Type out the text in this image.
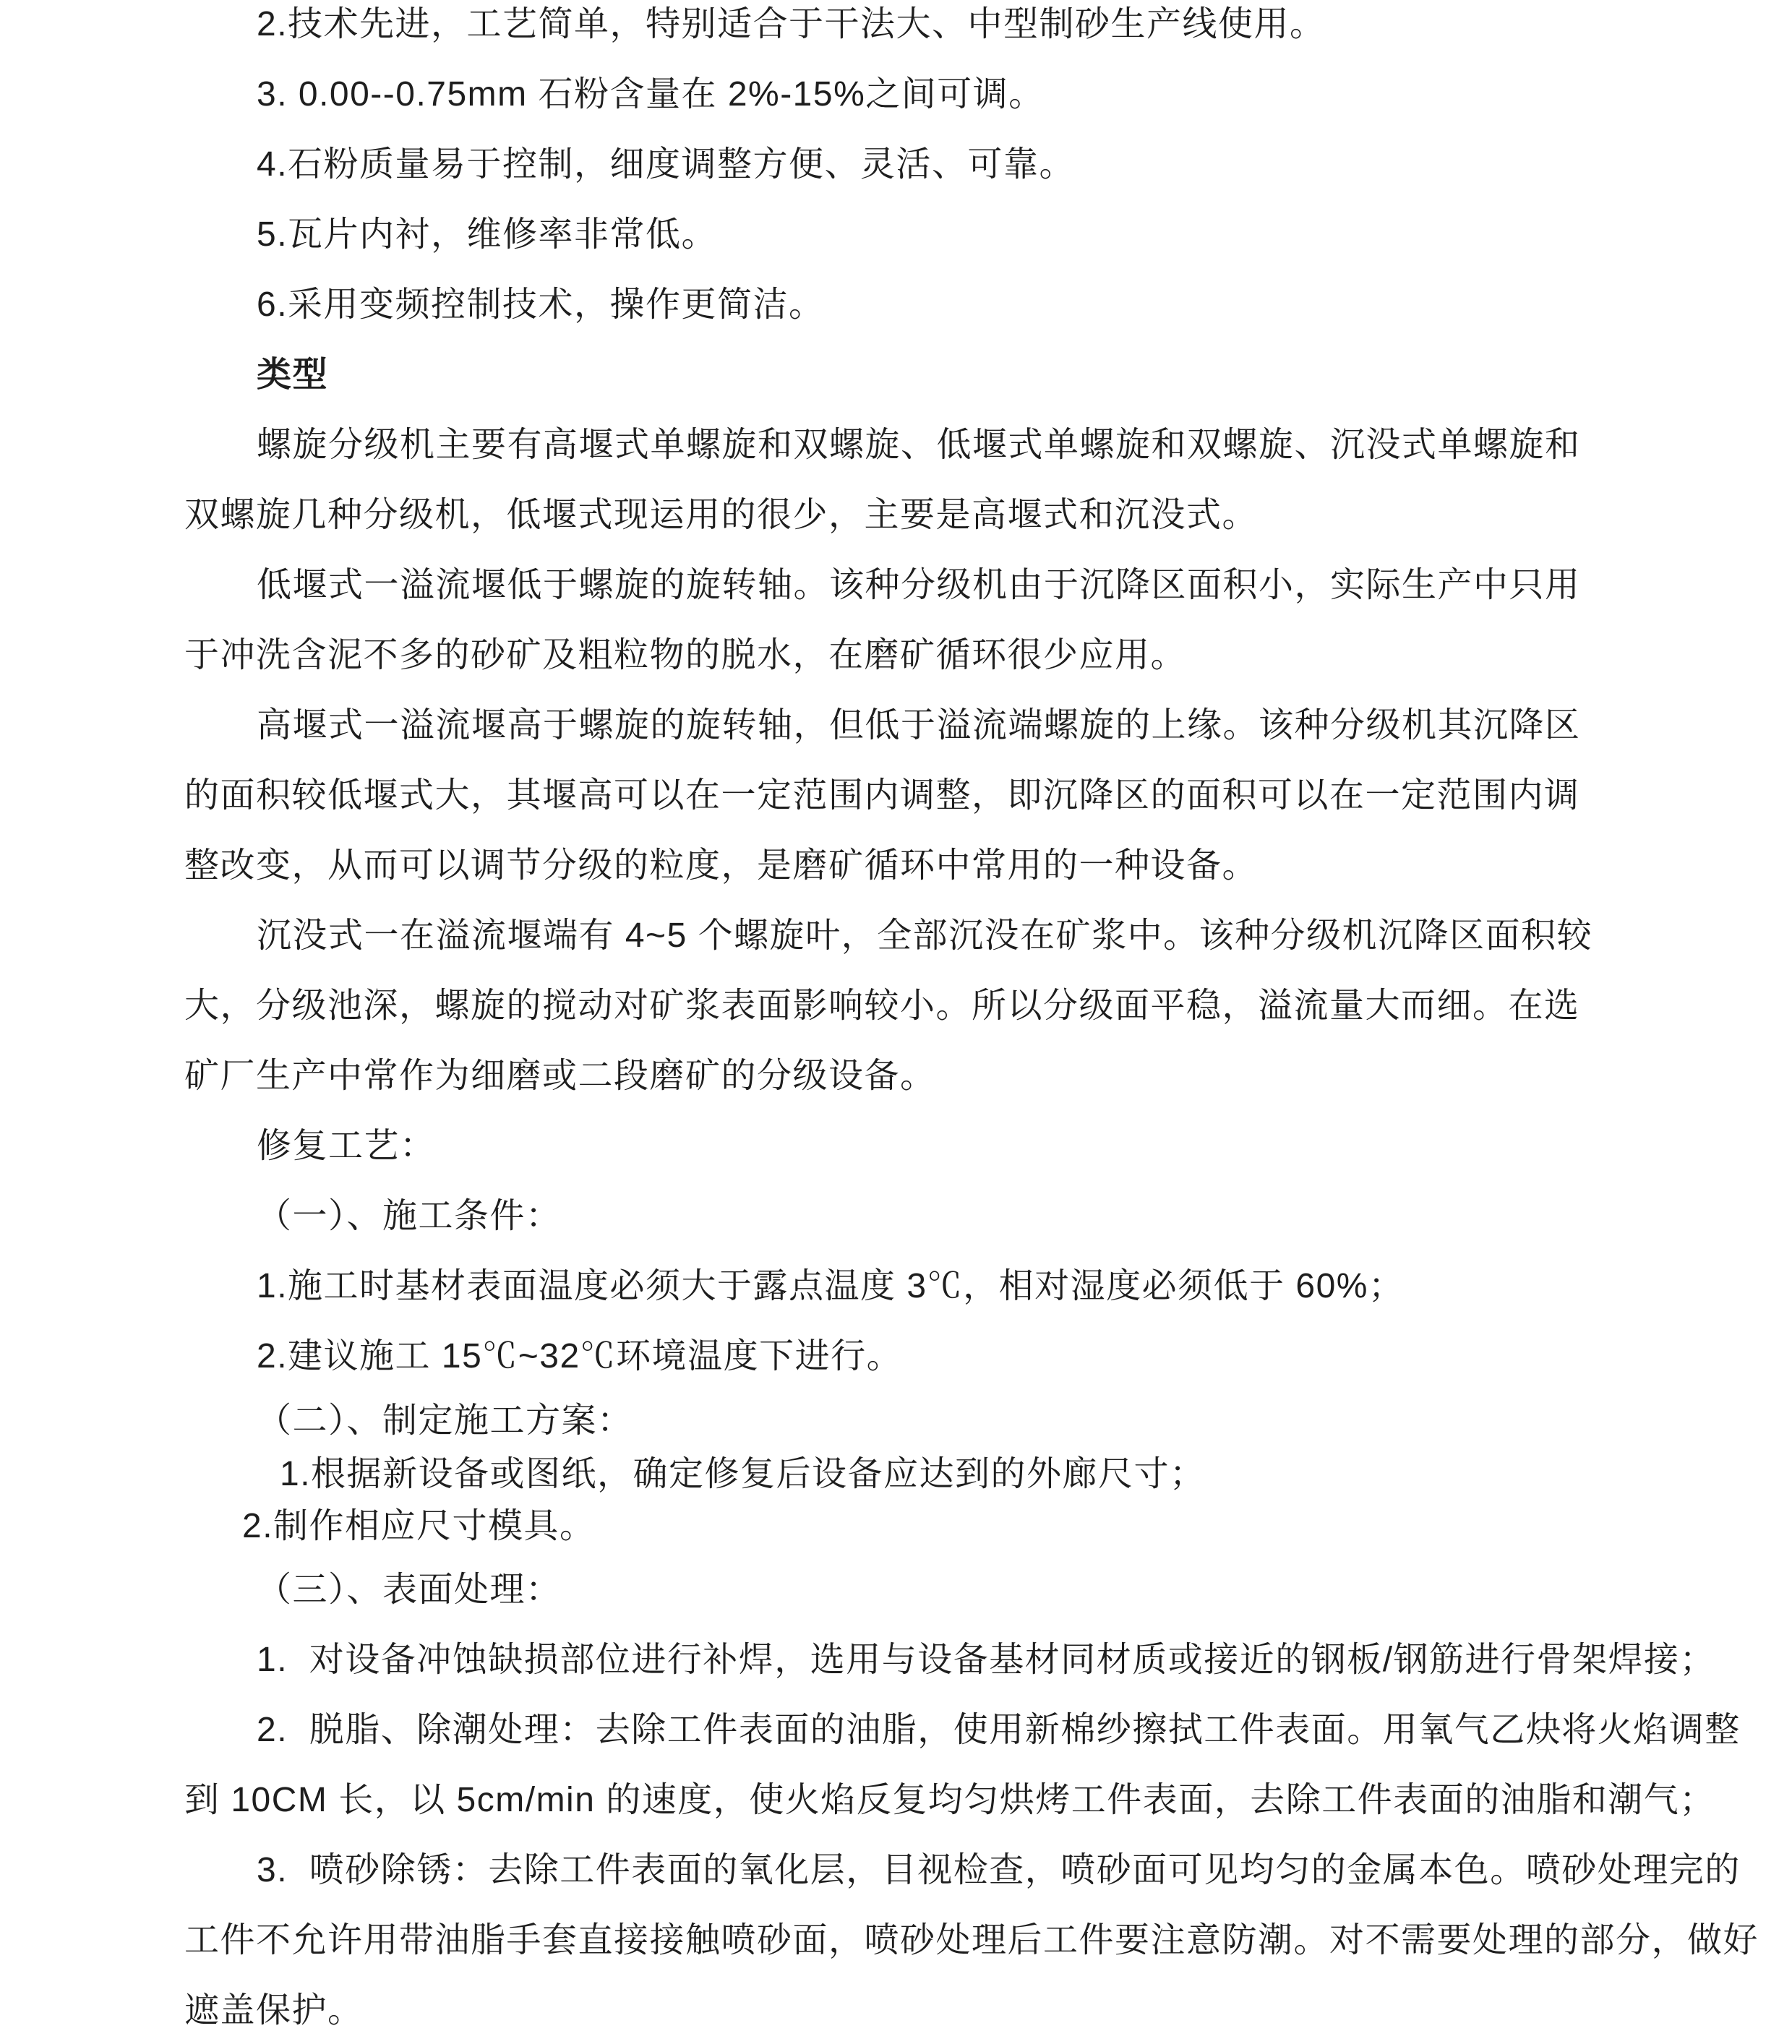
2.技术先进，工艺简单，特别适合于干法大、中型制砂生产线使用。
3. 0.00--0.75mm 石粉含量在 2%-15%之间可调。
4.石粉质量易于控制，细度调整方便、灵活、可靠。
5.瓦片内衬，维修率非常低。
6.采用变频控制技术，操作更简洁。
类型
螺旋分级机主要有高堰式单螺旋和双螺旋、低堰式单螺旋和双螺旋、沉没式单螺旋和
双螺旋几种分级机，低堰式现运用的很少，主要是高堰式和沉没式。
低堰式一溢流堰低于螺旋的旋转轴。该种分级机由于沉降区面积小，实际生产中只用
于冲洗含泥不多的砂矿及粗粒物的脱水，在磨矿循环很少应用。
高堰式一溢流堰高于螺旋的旋转轴，但低于溢流端螺旋的上缘。该种分级机其沉降区
的面积较低堰式大，其堰高可以在一定范围内调整，即沉降区的面积可以在一定范围内调
整改变，从而可以调节分级的粒度，是磨矿循环中常用的一种设备。
沉没式一在溢流堰端有 4~5 个螺旋叶，全部沉没在矿浆中。该种分级机沉降区面积较
大，分级池深，螺旋的搅动对矿浆表面影响较小。所以分级面平稳，溢流量大而细。在选
矿厂生产中常作为细磨或二段磨矿的分级设备。
修复工艺：
（一）、施工条件：
1.施工时基材表面温度必须大于露点温度 3℃，相对湿度必须低于 60%；
2.建议施工 15℃~32℃环境温度下进行。
（二）、制定施工方案：
1.根据新设备或图纸，确定修复后设备应达到的外廊尺寸；
2.制作相应尺寸模具。
（三）、表面处理：
1.  对设备冲蚀缺损部位进行补焊，选用与设备基材同材质或接近的钢板/钢筋进行骨架焊接；
2.  脱脂、除潮处理：去除工件表面的油脂，使用新棉纱擦拭工件表面。用氧气乙炔将火焰调整
到 10CM 长，以 5cm/min 的速度，使火焰反复均匀烘烤工件表面，去除工件表面的油脂和潮气；
3.  喷砂除锈：去除工件表面的氧化层，目视检查，喷砂面可见均匀的金属本色。喷砂处理完的
工件不允许用带油脂手套直接接触喷砂面，喷砂处理后工件要注意防潮。对不需要处理的部分，做好
遮盖保护。
